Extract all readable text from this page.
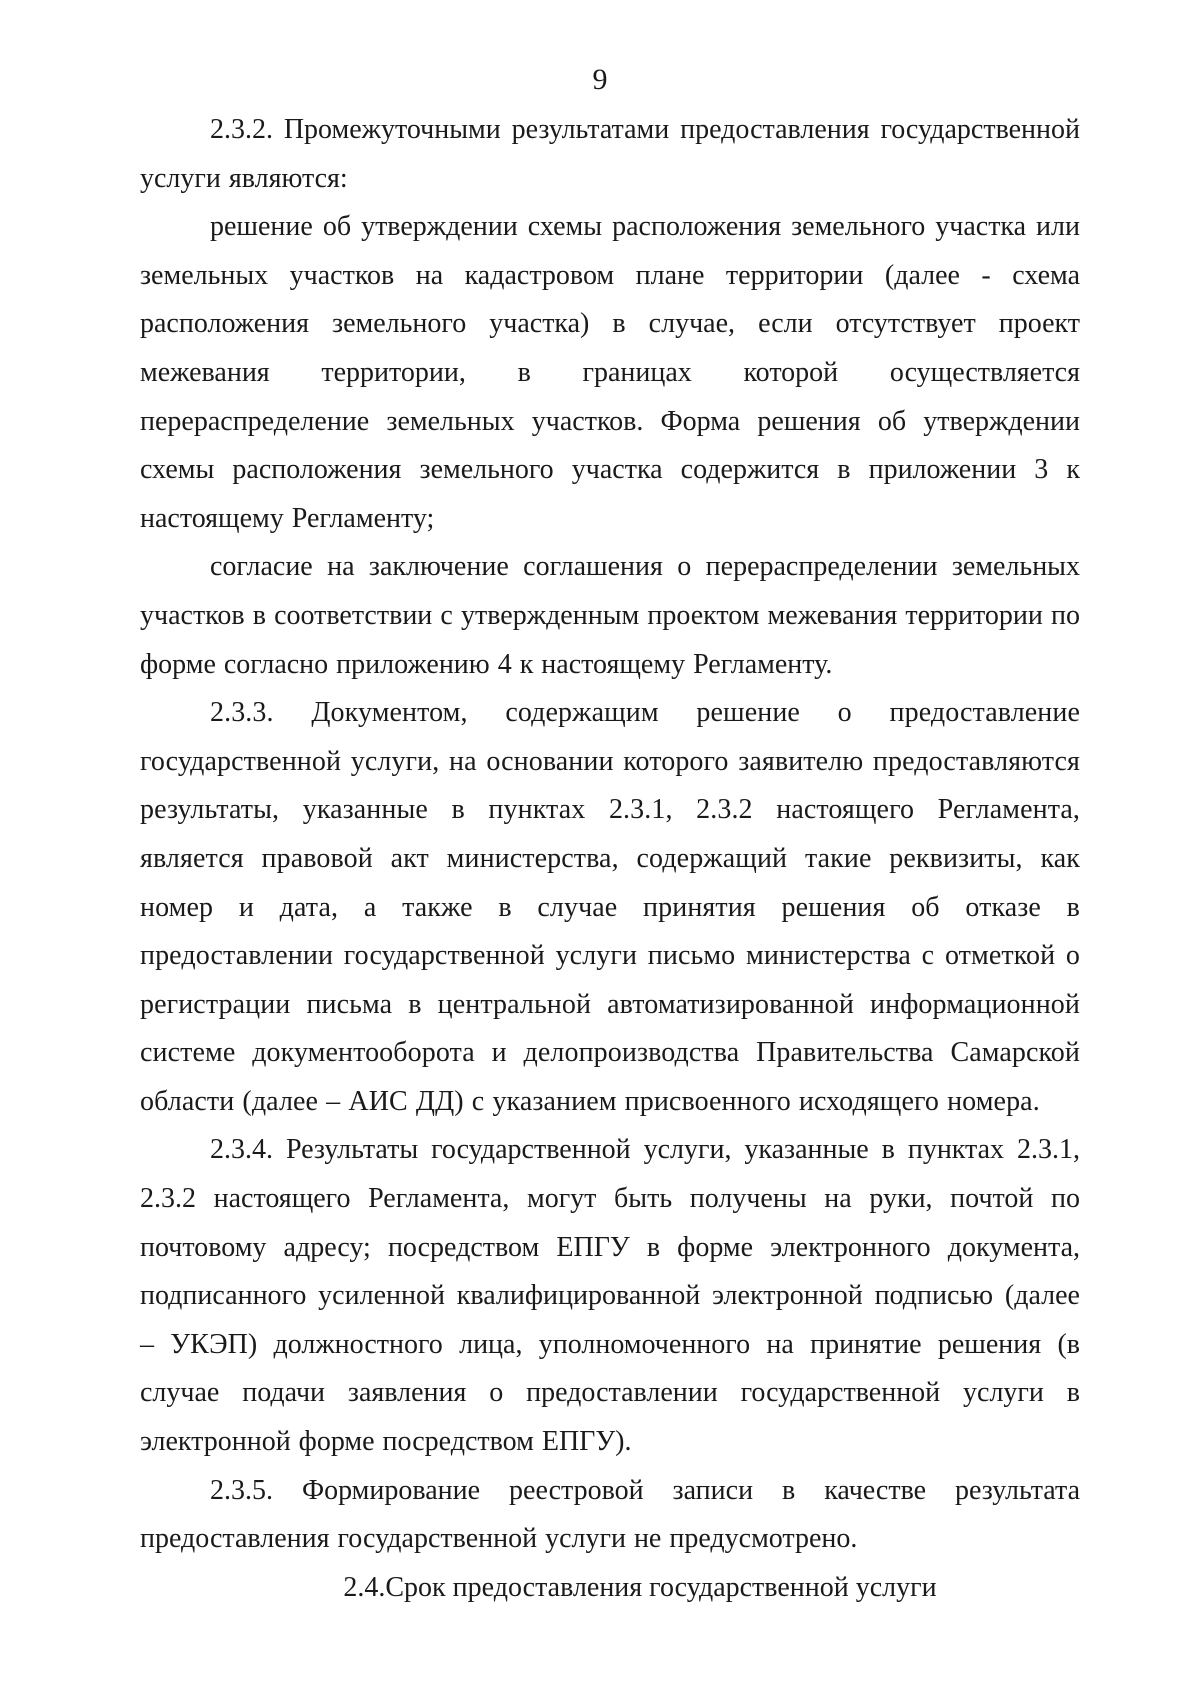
9

2.3.2. Промежуточными результатами предоставления государственной услуги являются:

решение об утверждении схемы расположения земельного участка или земельных участков на кадастровом плане территории (далее - схема расположения земельного участка) в случае, если отсутствует проект межевания территории, в границах которой осуществляется перераспределение земельных участков. Форма решения об утверждении схемы расположения земельного участка содержится в приложении 3 к настоящему Регламенту;

согласие на заключение соглашения о перераспределении земельных участков в соответствии с утвержденным проектом межевания территории по форме согласно приложению 4 к настоящему Регламенту.

2.3.3. Документом, содержащим решение о предоставление государственной услуги, на основании которого заявителю предоставляются результаты, указанные в пунктах 2.3.1, 2.3.2 настоящего Регламента, является правовой акт министерства, содержащий такие реквизиты, как номер и дата, а также в случае принятия решения об отказе в предоставлении государственной услуги письмо министерства с отметкой о регистрации письма в центральной автоматизированной информационной системе документооборота и делопроизводства Правительства Самарской области (далее – АИС ДД) с указанием присвоенного исходящего номера.

2.3.4. Результаты государственной услуги, указанные в пунктах 2.3.1, 2.3.2 настоящего Регламента, могут быть получены на руки, почтой по почтовому адресу; посредством ЕПГУ в форме электронного документа, подписанного усиленной квалифицированной электронной подписью (далее – УКЭП) должностного лица, уполномоченного на принятие решения (в случае подачи заявления о предоставлении государственной услуги в электронной форме посредством ЕПГУ).

2.3.5. Формирование реестровой записи в качестве результата предоставления государственной услуги не предусмотрено.

2.4.Срок предоставления государственной услуги
